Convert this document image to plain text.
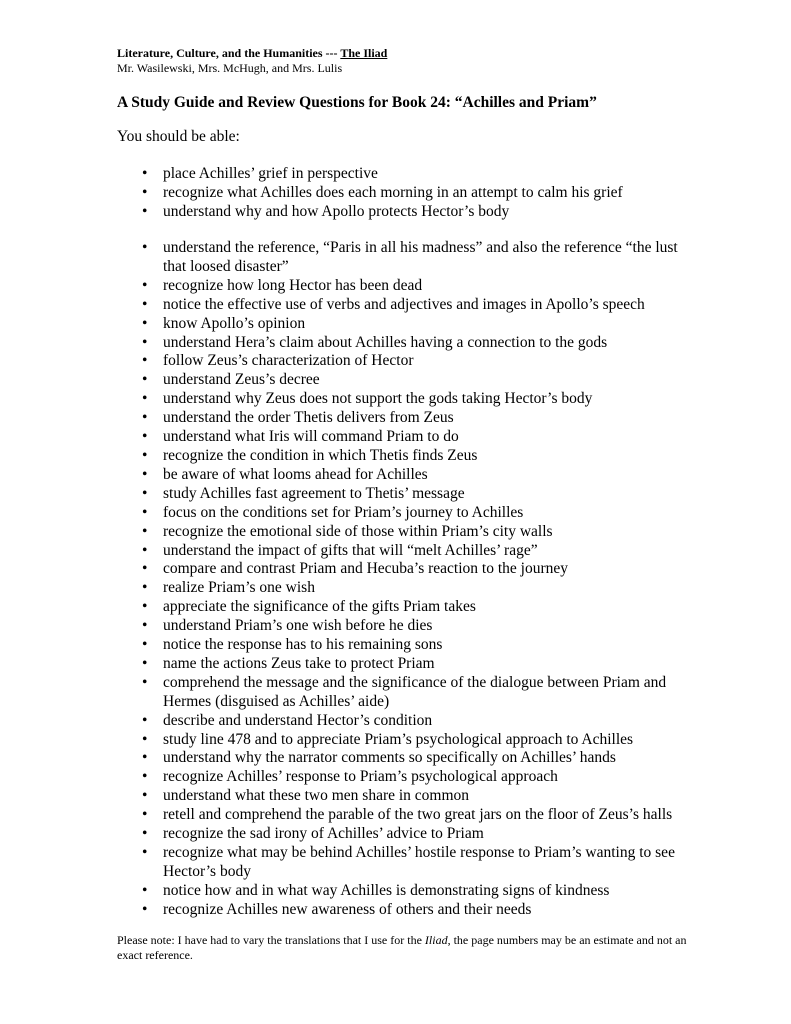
Literature, Culture, and the Humanities --- The Iliad
Mr. Wasilewski, Mrs. McHugh, and Mrs. Lulis
A Study Guide and Review Questions for Book 24: “Achilles and Priam”
You should be able:
• place Achilles’ grief in perspective
• recognize what Achilles does each morning in an attempt to calm his grief
• understand why and how Apollo protects Hector’s body
• understand the reference, “Paris in all his madness” and also the reference “the lust that loosed disaster”
• recognize how long Hector has been dead
• notice the effective use of verbs and adjectives and images in Apollo’s speech
• know Apollo’s opinion
• understand Hera’s claim about Achilles having a connection to the gods
• follow Zeus’s characterization of Hector
• understand Zeus’s decree
• understand why Zeus does not support the gods taking Hector’s body
• understand the order Thetis delivers from Zeus
• understand what Iris will command Priam to do
• recognize the condition in which Thetis finds Zeus
• be aware of what looms ahead for Achilles
• study Achilles fast agreement to Thetis’ message
• focus on the conditions set for Priam’s journey to Achilles
• recognize the emotional side of those within Priam’s city walls
• understand the impact of gifts that will “melt Achilles’ rage”
• compare and contrast Priam and Hecuba’s reaction to the journey
• realize Priam’s one wish
• appreciate the significance of the gifts Priam takes
• understand Priam’s one wish before he dies
• notice the response has to his remaining sons
• name the actions Zeus take to protect Priam
• comprehend the message and the significance of the dialogue between Priam and Hermes (disguised as Achilles’ aide)
• describe and understand Hector’s condition
• study line 478 and to appreciate Priam’s psychological approach to Achilles
• understand why the narrator comments so specifically on Achilles’ hands
• recognize Achilles’ response to Priam’s psychological approach
• understand what these two men share in common
• retell and comprehend the parable of the two great jars on the floor of Zeus’s halls
• recognize the sad irony of Achilles’ advice to Priam
• recognize what may be behind Achilles’ hostile response to Priam’s wanting to see Hector’s body
• notice how and in what way Achilles is demonstrating signs of kindness
• recognize Achilles new awareness of others and their needs
Please note: I have had to vary the translations that I use for the Iliad, the page numbers may be an estimate and not an exact reference.
